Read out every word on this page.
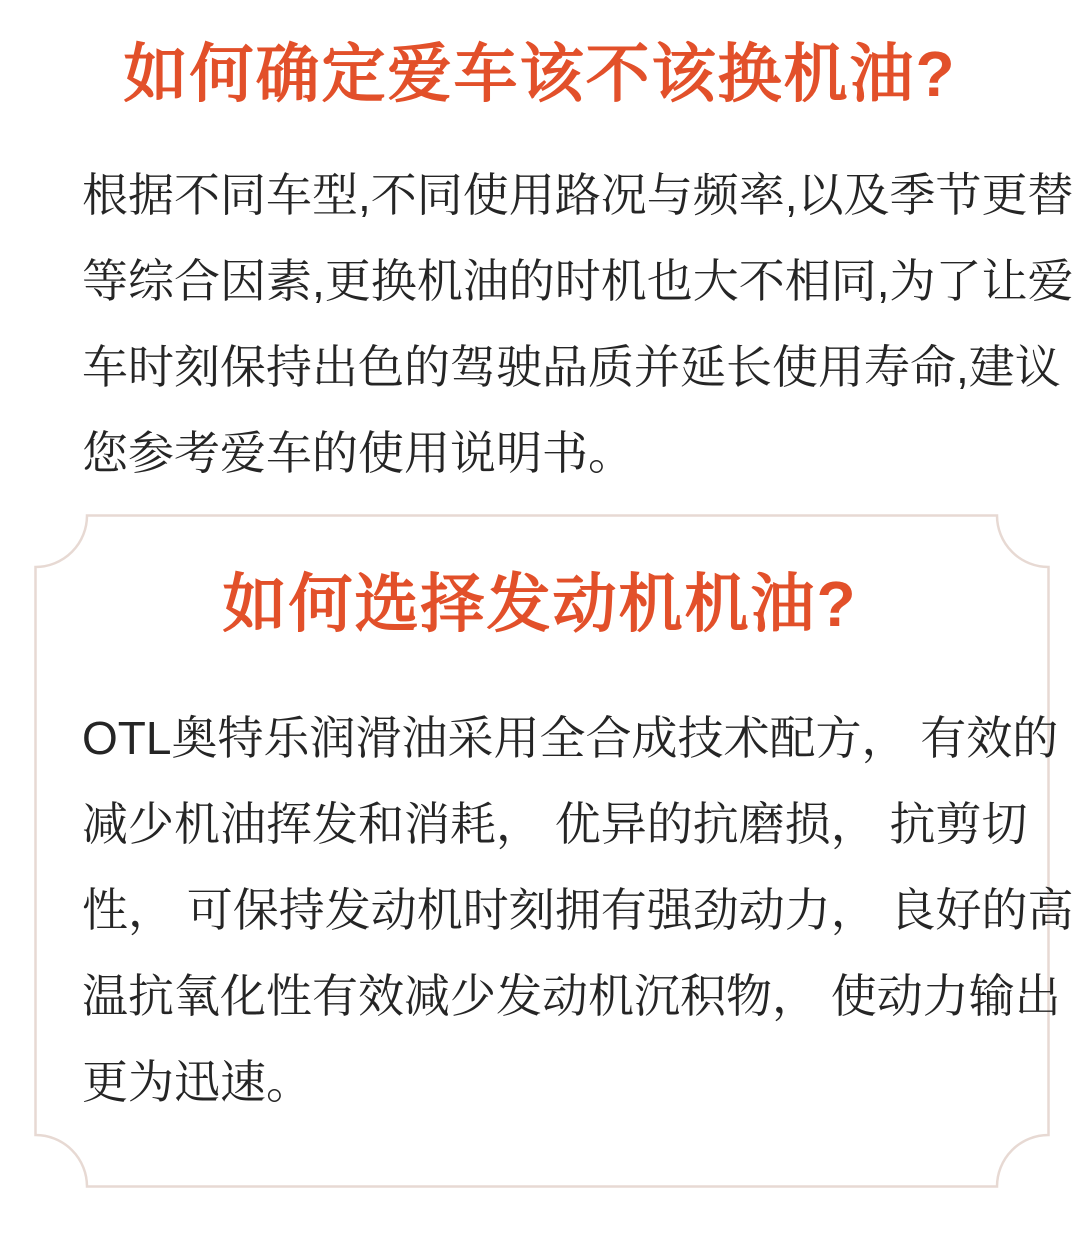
如何确定爱车该不该换机油?
根据不同车型,不同使用路况与频率,以及季节更替
等综合因素,更换机油的时机也大不相同,为了让爱
车时刻保持出色的驾驶品质并延长使用寿命,建议
您参考爱车的使用说明书。
如何选择发动机机油?
OTL奥特乐润滑油采用全合成技术配方， 有效的
减少机油挥发和消耗， 优异的抗磨损， 抗剪切
性， 可保持发动机时刻拥有强劲动力， 良好的高
温抗氧化性有效减少发动机沉积物， 使动力输出
更为迅速。
